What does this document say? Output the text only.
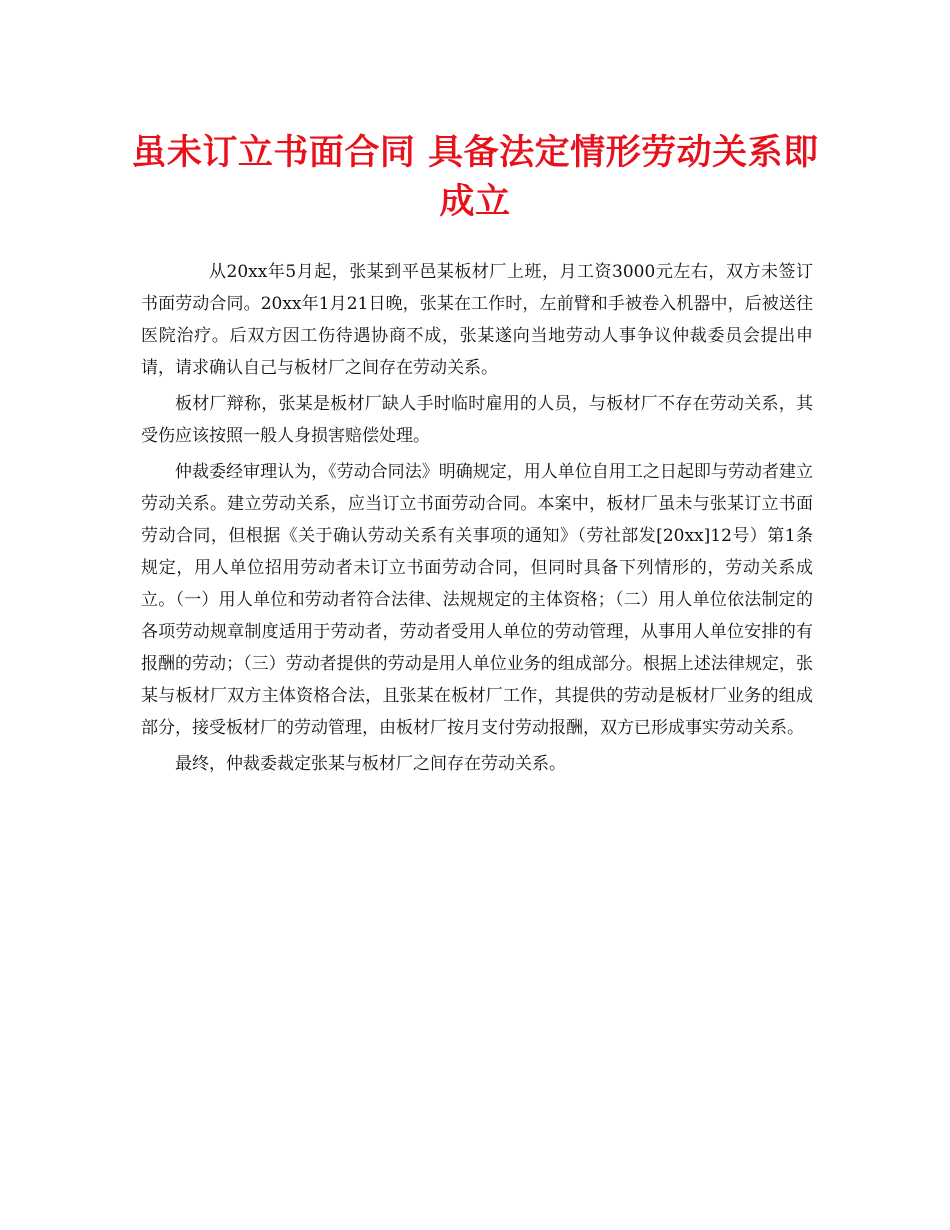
虽未订立书面合同 具备法定情形劳动关系即成立

从20xx年5月起，张某到平邑某板材厂上班，月工资3000元左右，双方未签订书面劳动合同。20xx年1月21日晚，张某在工作时，左前臂和手被卷入机器中，后被送往医院治疗。后双方因工伤待遇协商不成，张某遂向当地劳动人事争议仲裁委员会提出申请，请求确认自己与板材厂之间存在劳动关系。

板材厂辩称，张某是板材厂缺人手时临时雇用的人员，与板材厂不存在劳动关系，其受伤应该按照一般人身损害赔偿处理。

仲裁委经审理认为，《劳动合同法》明确规定，用人单位自用工之日起即与劳动者建立劳动关系。建立劳动关系，应当订立书面劳动合同。本案中，板材厂虽未与张某订立书面劳动合同，但根据《关于确认劳动关系有关事项的通知》（劳社部发[20xx]12号）第1条规定，用人单位招用劳动者未订立书面劳动合同，但同时具备下列情形的，劳动关系成立。（一）用人单位和劳动者符合法律、法规规定的主体资格；（二）用人单位依法制定的各项劳动规章制度适用于劳动者，劳动者受用人单位的劳动管理，从事用人单位安排的有报酬的劳动；（三）劳动者提供的劳动是用人单位业务的组成部分。根据上述法律规定，张某与板材厂双方主体资格合法，且张某在板材厂工作，其提供的劳动是板材厂业务的组成部分，接受板材厂的劳动管理，由板材厂按月支付劳动报酬，双方已形成事实劳动关系。

最终，仲裁委裁定张某与板材厂之间存在劳动关系。
